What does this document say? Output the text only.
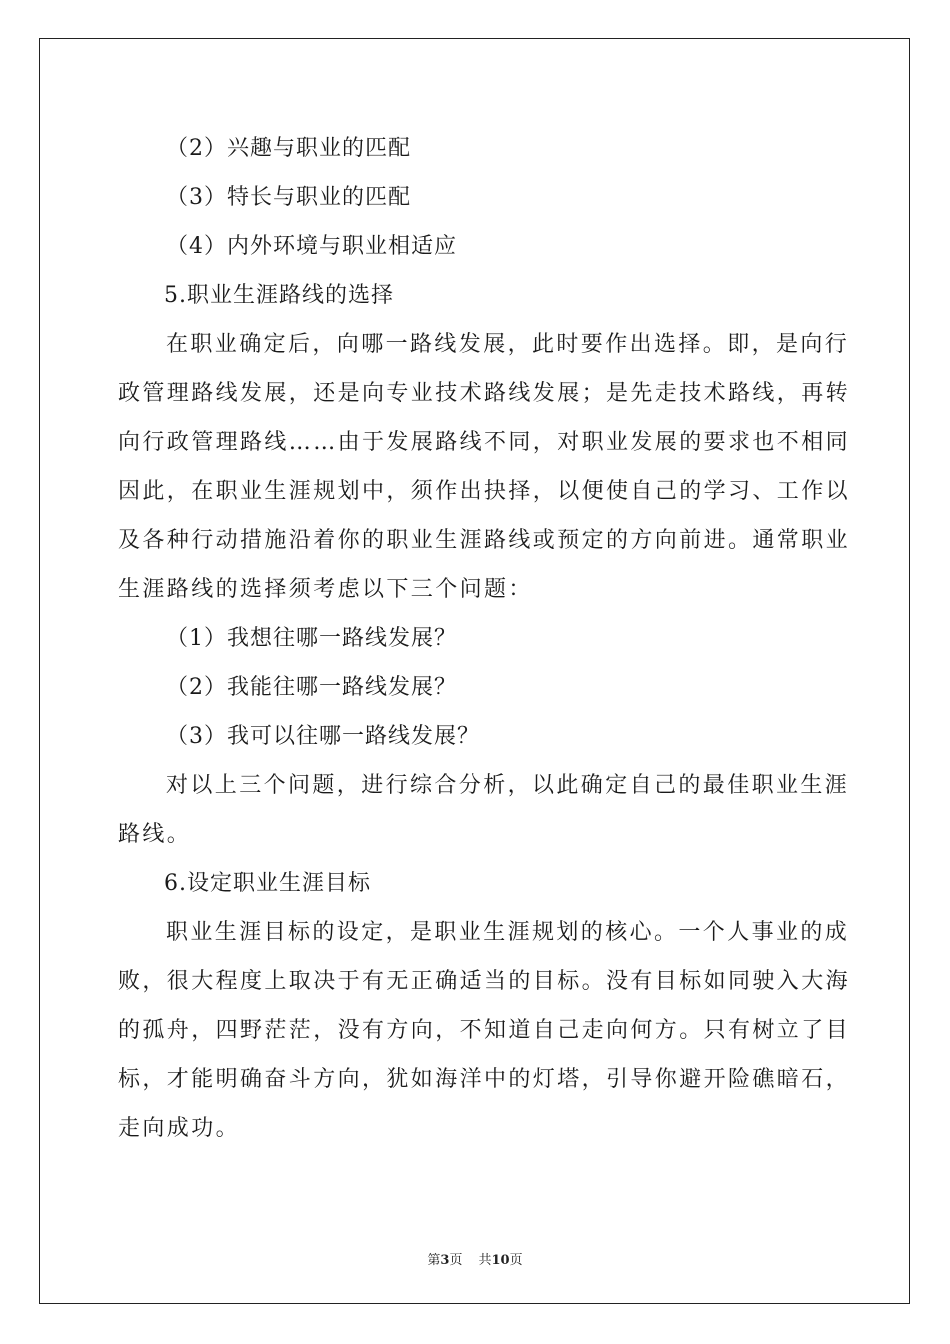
（2）兴趣与职业的匹配
（3）特长与职业的匹配
（4）内外环境与职业相适应
5.职业生涯路线的选择
在职业确定后，向哪一路线发展，此时要作出选择。即，是向行
政管理路线发展，还是向专业技术路线发展；是先走技术路线，再转
向行政管理路线……由于发展路线不同，对职业发展的要求也不相同
因此，在职业生涯规划中，须作出抉择，以便使自己的学习、工作以
及各种行动措施沿着你的职业生涯路线或预定的方向前进。通常职业
生涯路线的选择须考虑以下三个问题：
（1）我想往哪一路线发展？
（2）我能往哪一路线发展？
（3）我可以往哪一路线发展？
对以上三个问题，进行综合分析，以此确定自己的最佳职业生涯
路线。
6.设定职业生涯目标
职业生涯目标的设定，是职业生涯规划的核心。一个人事业的成
败，很大程度上取决于有无正确适当的目标。没有目标如同驶入大海
的孤舟，四野茫茫，没有方向，不知道自己走向何方。只有树立了目
标，才能明确奋斗方向，犹如海洋中的灯塔，引导你避开险礁暗石，
走向成功。
第3页 共10页
